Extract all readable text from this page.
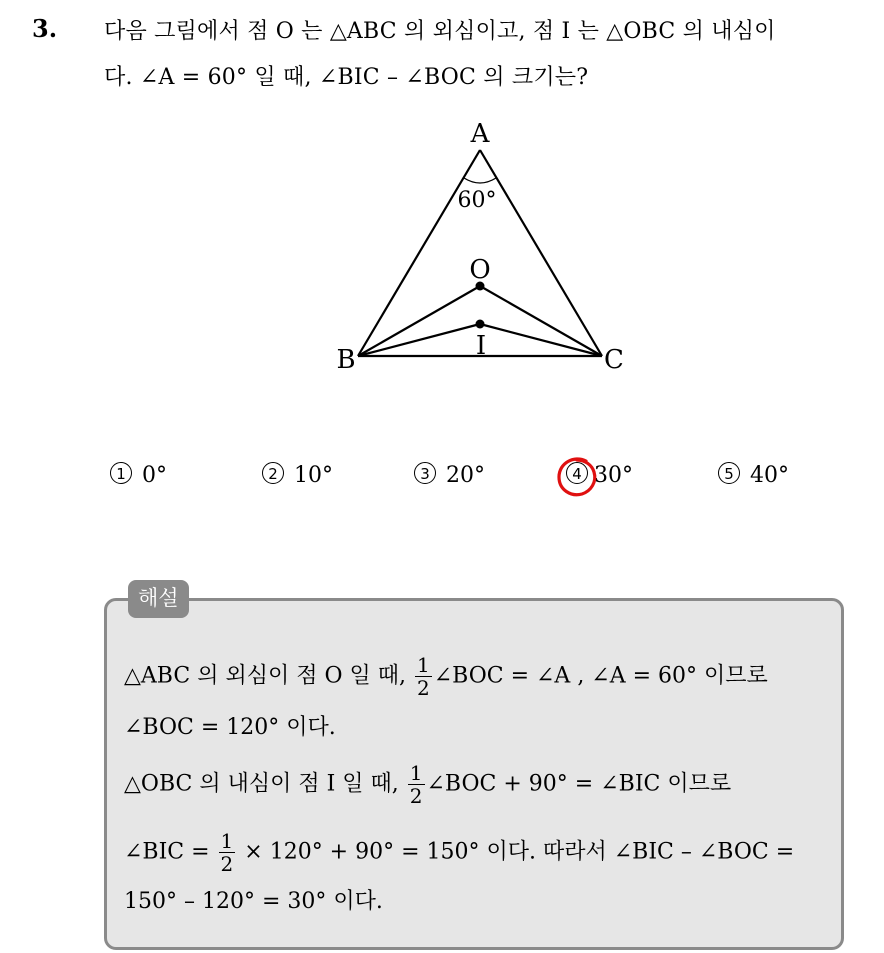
3. 다음 그림에서 점 O 는 △ABC 의 외심이고, 점 I 는 △OBC 의 내심이
다. ∠A = 60° 일 때, ∠BIC – ∠BOC 의 크기는?
A
B	C
O
I
60°
1 0°	2 10°	3 20°	4 30°	5 40°
해설
△ABC 의 외심이 점 O 일 때, $\frac{1}{2}$ ∠BOC = ∠A , ∠A = 60° 이므로
∠BOC = 120° 이다.
△OBC 의 내심이 점 I 일 때, $\frac{1}{2}$ ∠BOC + 90° = ∠BIC 이므로
∠BIC = $\frac{1}{2} \times 120^\circ + 90^\circ = 150^\circ$ 이다. 따라서 ∠BIC – ∠BOC =
150° – 120° = 30° 이다.
